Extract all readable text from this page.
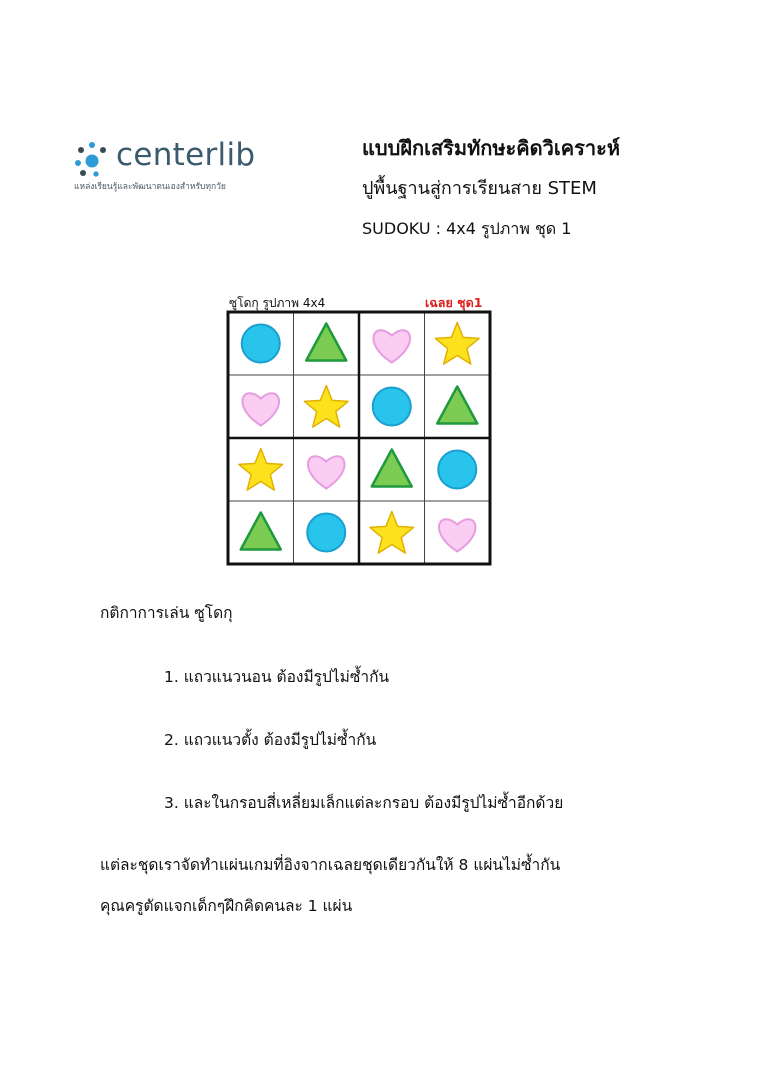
centerlib
แหล่งเรียนรู้และพัฒนาตนเองสำหรับทุกวัย
แบบฝึกเสริมทักษะคิดวิเคราะห์
ปูพื้นฐานสู่การเรียนสาย STEM
SUDOKU : 4x4 รูปภาพ ชุด 1
ซูโดกุ รูปภาพ 4x4	เฉลย ชุด1
กติกาการเล่น ซูโดกุ
1. แถวแนวนอน ต้องมีรูปไม่ซ้ำกัน
2. แถวแนวตั้ง ต้องมีรูปไม่ซ้ำกัน
3. และในกรอบสี่เหลี่ยมเล็กแต่ละกรอบ ต้องมีรูปไม่ซ้ำอีกด้วย
แต่ละชุดเราจัดทำแผ่นเกมที่อิงจากเฉลยชุดเดียวกันให้ 8 แผ่นไม่ซ้ำกัน
คุณครูตัดแจกเด็กๆฝึกคิดคนละ 1 แผ่น
